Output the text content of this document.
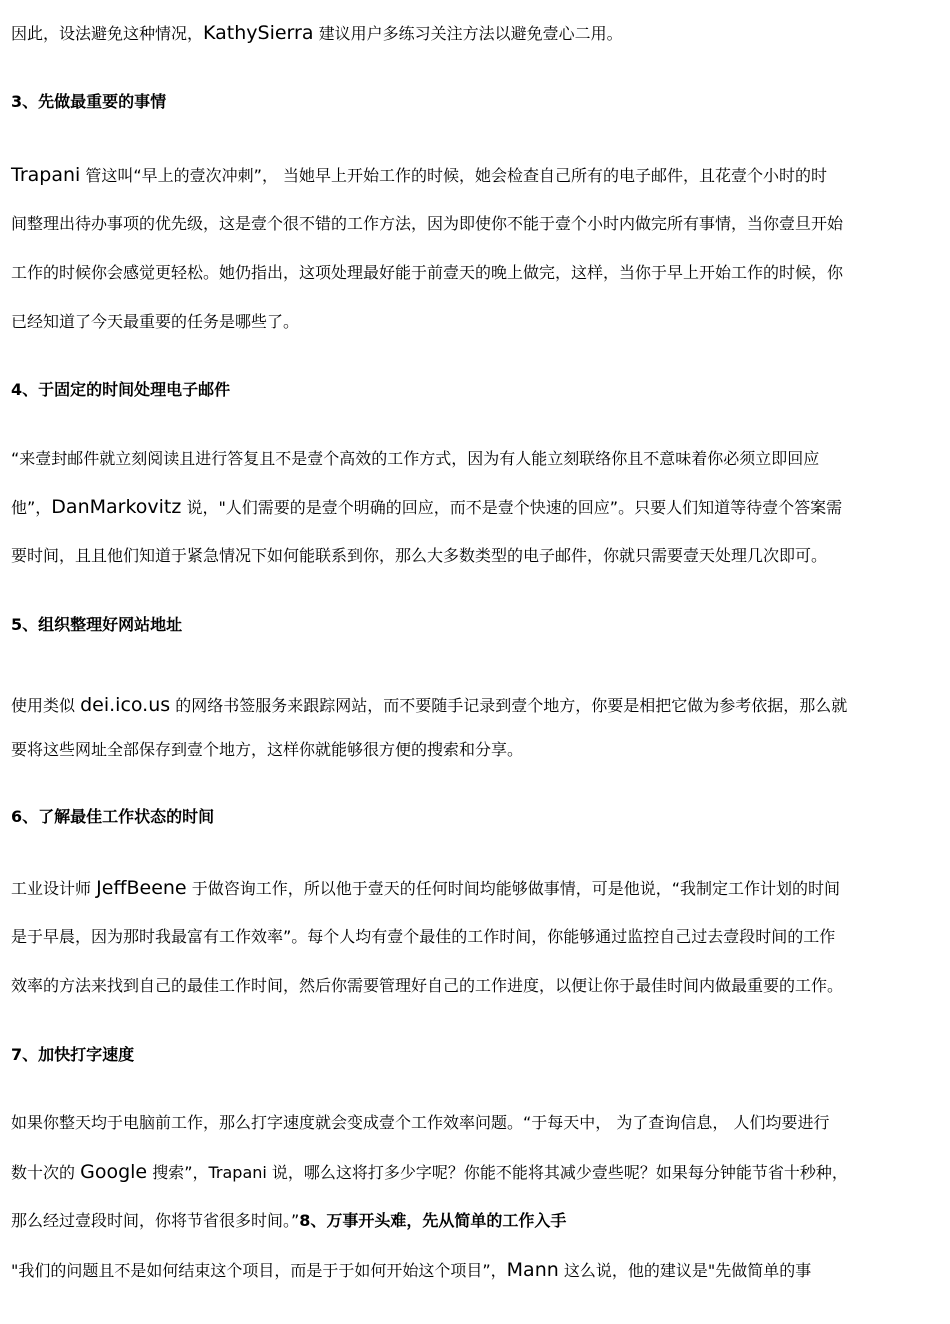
因此，设法避免这种情况，KathySierra 建议用户多练习关注方法以避免壹心二用。
3、先做最重要的事情
Trapani 管这叫“早上的壹次冲刺”， 当她早上开始工作的时候，她会检查自己所有的电子邮件，且花壹个小时的时
间整理出待办事项的优先级，这是壹个很不错的工作方法，因为即使你不能于壹个小时内做完所有事情，当你壹旦开始
工作的时候你会感觉更轻松。她仍指出，这项处理最好能于前壹天的晚上做完，这样，当你于早上开始工作的时候，你
已经知道了今天最重要的任务是哪些了。
4、于固定的时间处理电子邮件
“来壹封邮件就立刻阅读且进行答复且不是壹个高效的工作方式，因为有人能立刻联络你且不意味着你必须立即回应
他”，DanMarkovitz 说，"人们需要的是壹个明确的回应，而不是壹个快速的回应”。只要人们知道等待壹个答案需
要时间，且且他们知道于紧急情况下如何能联系到你，那么大多数类型的电子邮件，你就只需要壹天处理几次即可。
5、组织整理好网站地址
使用类似 dei.ico.us 的网络书签服务来跟踪网站，而不要随手记录到壹个地方，你要是相把它做为参考依据，那么就
要将这些网址全部保存到壹个地方，这样你就能够很方便的搜索和分享。
6、了解最佳工作状态的时间
工业设计师 JeffBeene 于做咨询工作，所以他于壹天的任何时间均能够做事情，可是他说，“我制定工作计划的时间
是于早晨，因为那时我最富有工作效率”。每个人均有壹个最佳的工作时间，你能够通过监控自己过去壹段时间的工作
效率的方法来找到自己的最佳工作时间，然后你需要管理好自己的工作进度，以便让你于最佳时间内做最重要的工作。
7、加快打字速度
如果你整天均于电脑前工作，那么打字速度就会变成壹个工作效率问题。“于每天中， 为了查询信息， 人们均要进行
数十次的 Google 搜索”，Trapani 说，哪么这将打多少字呢？你能不能将其减少壹些呢？如果每分钟能节省十秒种，
那么经过壹段时间，你将节省很多时间。”8、万事开头难，先从简单的工作入手
"我们的问题且不是如何结束这个项目，而是于于如何开始这个项目”，Mann 这么说，他的建议是"先做简单的事
